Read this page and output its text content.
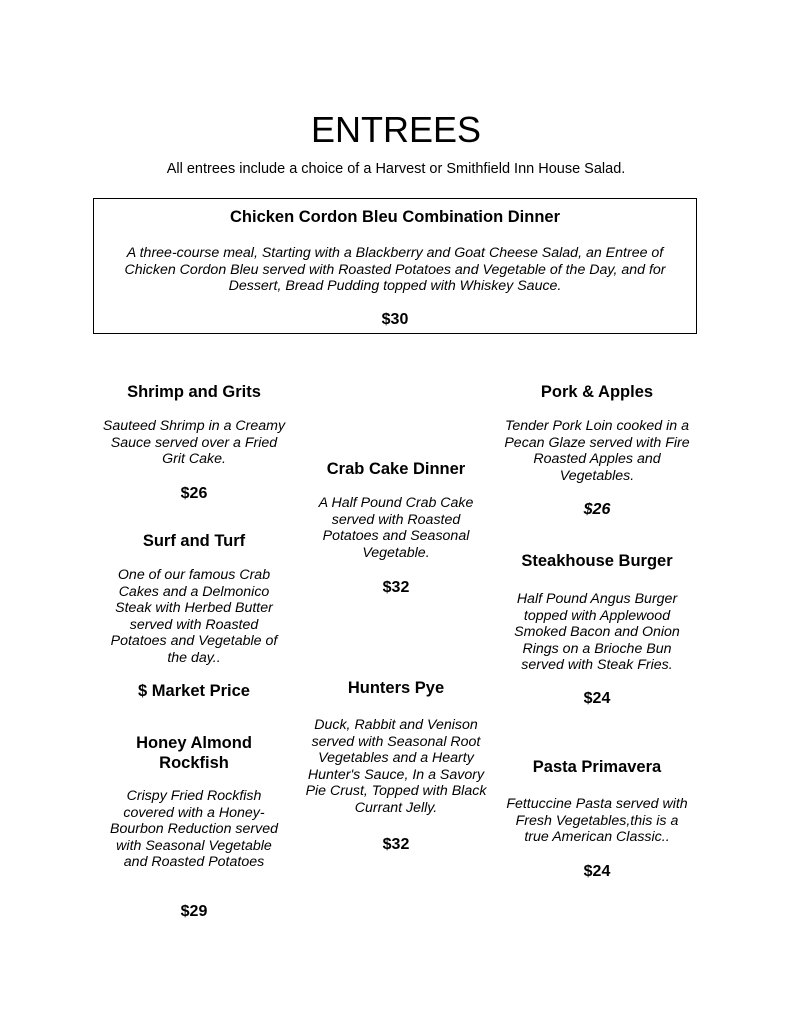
ENTREES
All entrees include a choice of a Harvest or Smithfield Inn House Salad.
Chicken Cordon Bleu Combination Dinner
A three-course meal, Starting with a Blackberry and Goat Cheese Salad, an Entree of Chicken Cordon Bleu served with Roasted Potatoes and Vegetable of the Day, and for Dessert, Bread Pudding topped with Whiskey Sauce.
$30
Shrimp and Grits
Sauteed Shrimp in a Creamy Sauce served over a Fried Grit Cake.
$26
Surf and Turf
One of our famous Crab Cakes and a Delmonico Steak with Herbed Butter served with Roasted Potatoes and Vegetable of the day..
$ Market Price
Honey Almond Rockfish
Crispy Fried Rockfish covered with a Honey-Bourbon Reduction served with Seasonal Vegetable and Roasted Potatoes
$29
Crab Cake Dinner
A Half Pound Crab Cake served with Roasted Potatoes and Seasonal Vegetable.
$32
Hunters Pye
Duck, Rabbit and Venison served with Seasonal Root Vegetables and a Hearty Hunter's Sauce, In a Savory Pie Crust, Topped with Black Currant Jelly.
$32
Pork & Apples
Tender Pork Loin cooked in a Pecan Glaze served with Fire Roasted Apples and Vegetables.
$26
Steakhouse Burger
Half Pound Angus Burger topped with Applewood Smoked Bacon and Onion Rings on a Brioche Bun served with Steak Fries.
$24
Pasta Primavera
Fettuccine Pasta served with Fresh Vegetables,this is a true American Classic..
$24
